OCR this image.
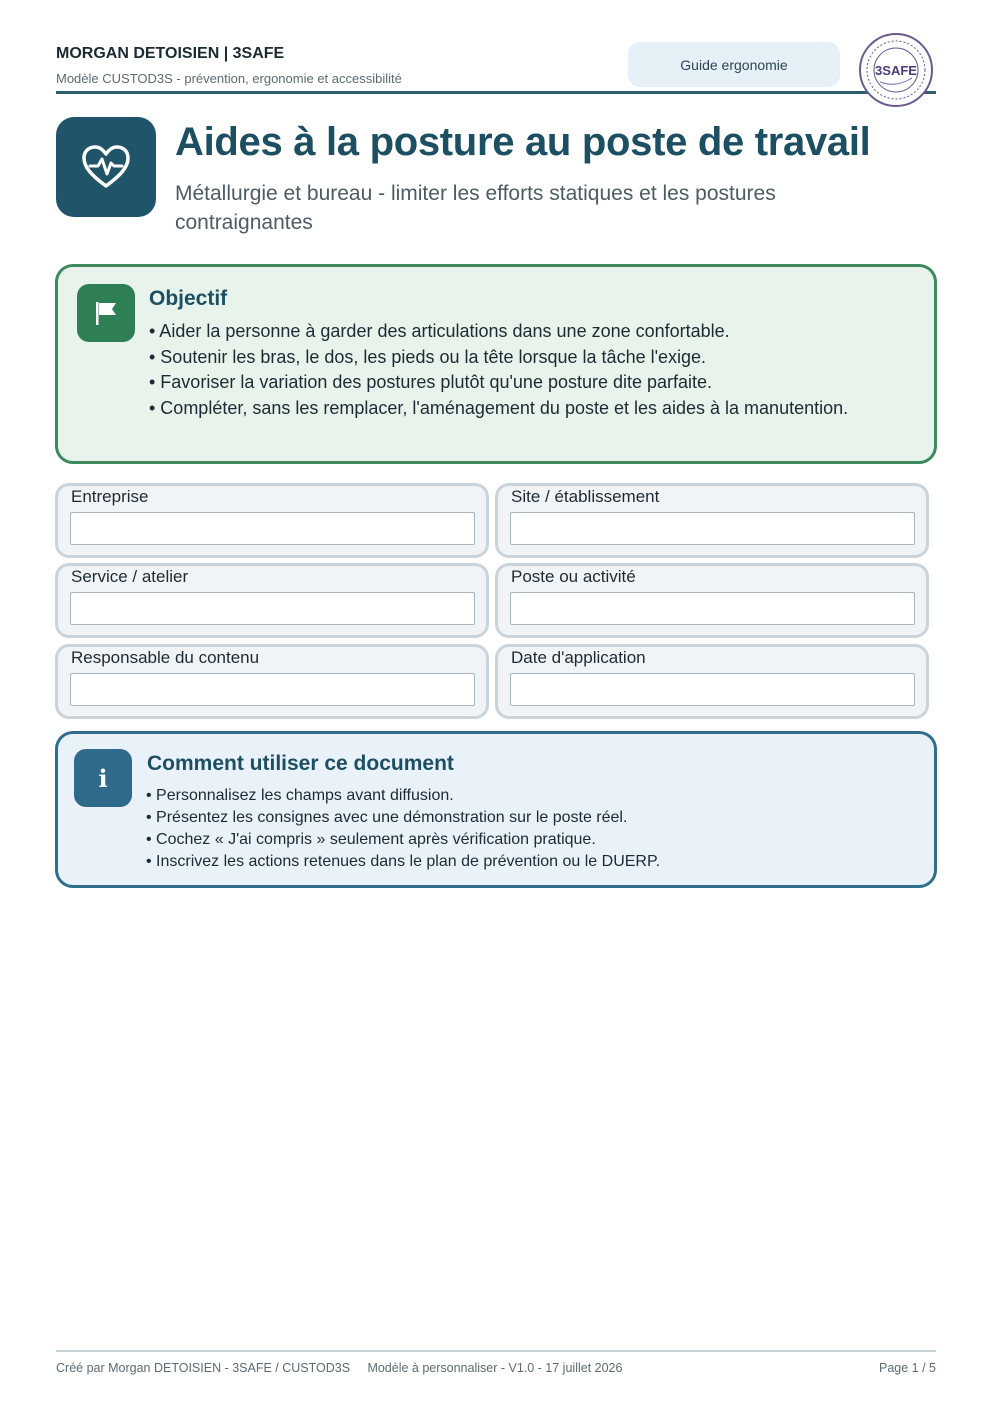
MORGAN DETOISIEN | 3SAFE
Modèle CUSTOD3S - prévention, ergonomie et accessibilité
Guide ergonomie	3SAFE
Aides à la posture au poste de travail
Métallurgie et bureau - limiter les efforts statiques et les postures contraignantes
Objectif
• Aider la personne à garder des articulations dans une zone confortable.
• Soutenir les bras, le dos, les pieds ou la tête lorsque la tâche l'exige.
• Favoriser la variation des postures plutôt qu'une posture dite parfaite.
• Compléter, sans les remplacer, l'aménagement du poste et les aides à la manutention.
Entreprise	Site / établissement
Service / atelier	Poste ou activité
Responsable du contenu	Date d'application
i	Comment utiliser ce document
• Personnalisez les champs avant diffusion.
• Présentez les consignes avec une démonstration sur le poste réel.
• Cochez « J'ai compris » seulement après vérification pratique.
• Inscrivez les actions retenues dans le plan de prévention ou le DUERP.
Créé par Morgan DETOISIEN - 3SAFE / CUSTOD3S     Modèle à personnaliser - V1.0 - 17 juillet 2026	Page 1 / 5
